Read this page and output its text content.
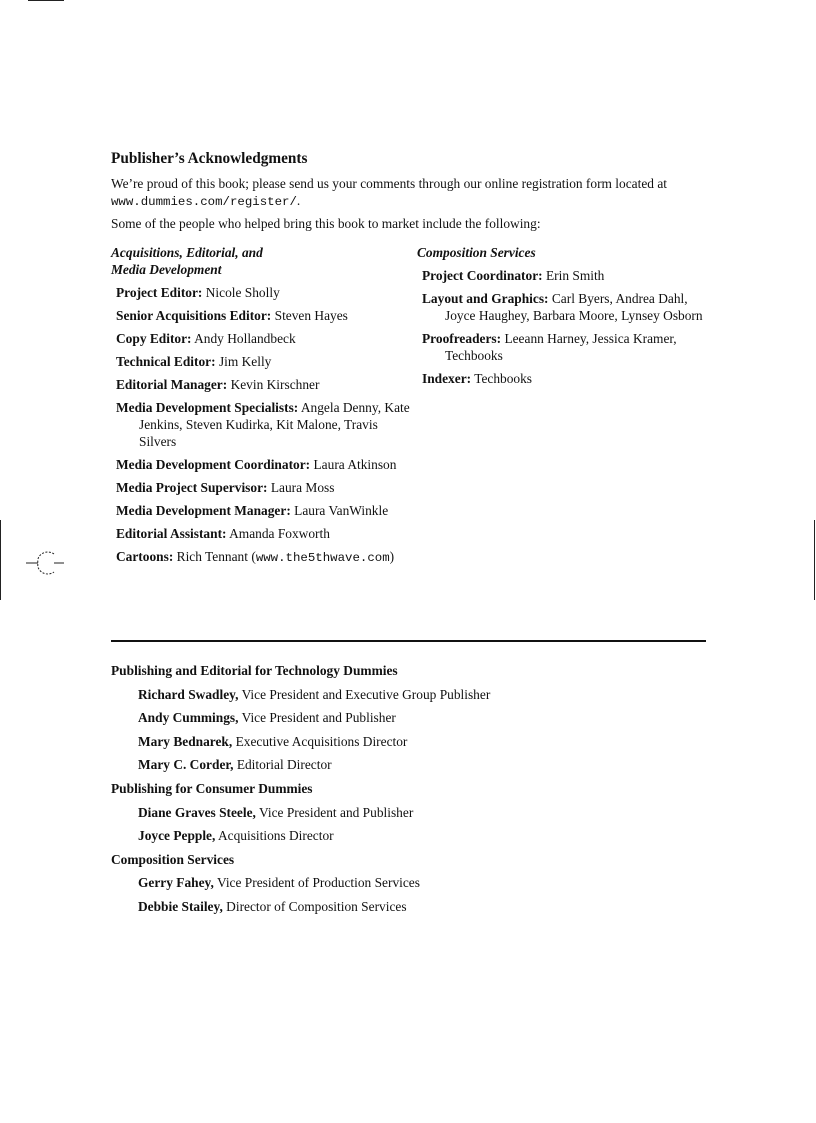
Publisher’s Acknowledgments

We’re proud of this book; please send us your comments through our online registration form located at www.dummies.com/register/.

Some of the people who helped bring this book to market include the following:

Acquisitions, Editorial, and
Media Development
Project Editor: Nicole Sholly
Senior Acquisitions Editor: Steven Hayes
Copy Editor: Andy Hollandbeck
Technical Editor: Jim Kelly
Editorial Manager: Kevin Kirschner
Media Development Specialists: Angela Denny, Kate Jenkins, Steven Kudirka, Kit Malone, Travis Silvers
Media Development Coordinator: Laura Atkinson
Media Project Supervisor: Laura Moss
Media Development Manager: Laura VanWinkle
Editorial Assistant: Amanda Foxworth
Cartoons: Rich Tennant (www.the5thwave.com)
Composition Services
Project Coordinator: Erin Smith
Layout and Graphics: Carl Byers, Andrea Dahl, Joyce Haughey, Barbara Moore, Lynsey Osborn
Proofreaders: Leeann Harney, Jessica Kramer, Techbooks
Indexer: Techbooks
Publishing and Editorial for Technology Dummies
Richard Swadley, Vice President and Executive Group Publisher
Andy Cummings, Vice President and Publisher
Mary Bednarek, Executive Acquisitions Director
Mary C. Corder, Editorial Director
Publishing for Consumer Dummies
Diane Graves Steele, Vice President and Publisher
Joyce Pepple, Acquisitions Director
Composition Services
Gerry Fahey, Vice President of Production Services
Debbie Stailey, Director of Composition Services
